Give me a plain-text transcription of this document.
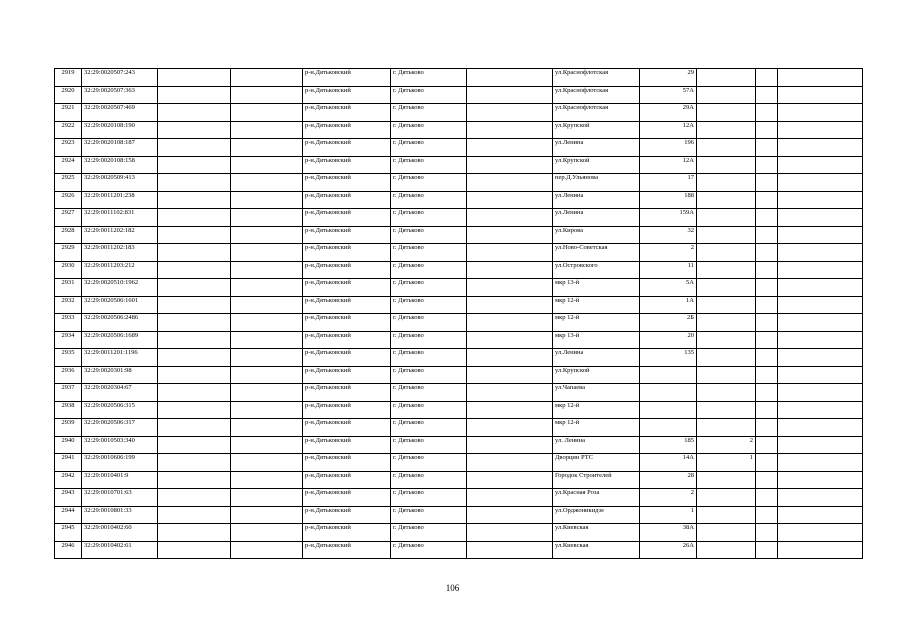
2919	32:29:0020507:243			р-н.Дятьковский	г. Дятьково		ул.Краснофлотская	29			
2920	32:29:0020507:363			р-н.Дятьковский	г. Дятьково		ул.Краснофлотская	57А			
2921	32:29:0020507:469			р-н.Дятьковский	г. Дятьково		ул.Краснофлотская	29А			
2922	32:29:0020108:190			р-н.Дятьковский	г. Дятьково		ул.Крупской	12А			
2923	32:29:0020108:187			р-н.Дятьковский	г. Дятьково		ул.Ленина	196			
2924	32:29:0020108:158			р-н.Дятьковский	г. Дятьково		ул.Крупской	12А			
2925	32:29:0020509:413			р-н.Дятьковский	г. Дятьково		пер.Д.Ульянова	17			
2926	32:29:0011201:238			р-н.Дятьковский	г. Дятьково		ул.Ленина	188			
2927	32:29:0011102:831			р-н.Дятьковский	г. Дятьково		ул.Ленина	159А			
2928	32:29:0011202:182			р-н.Дятьковский	г. Дятьково		ул.Кирова	32			
2929	32:29:0011202:183			р-н.Дятьковский	г. Дятьково		ул.Ново-Советская	2			
2930	32:29:0011203:212			р-н.Дятьковский	г. Дятьково		ул.Островского	11			
2931	32:29:0020510:1962			р-н.Дятьковский	г. Дятьково		мкр 13-й	5А			
2932	32:29:0020506:1601			р-н.Дятьковский	г. Дятьково		мкр 12-й	1А			
2933	32:29:0020506:2486			р-н.Дятьковский	г. Дятьково		мкр 12-й	2Б			
2934	32:29:0020506:1689			р-н.Дятьковский	г. Дятьково		мкр 13-й	20			
2935	32:29:0011201:1196			р-н.Дятьковский	г. Дятьково		ул.Ленина	135			
2936	32:29:0020301:98			р-н.Дятьковский	г. Дятьково		ул.Крупской				
2937	32:29:0020304:67			р-н.Дятьковский	г. Дятьково		ул.Чапаева				
2938	32:29:0020506:315			р-н.Дятьковский	г. Дятьково		мкр 12-й				
2939	32:29:0020506:317			р-н.Дятьковский	г. Дятьково		мкр 12-й				
2940	32:29:0010503:340			р-н.Дятьковский	г. Дятьково		ул. Ленина	185	2		
2941	32:29:0010606:199			р-н.Дятьковский	г. Дятьково		Дворцин РТС	14А	1		
2942	32:29:0010401:9			р-н.Дятьковский	г. Дятьково		Городок Строителей	28			
2943	32:29:0010701:63			р-н.Дятьковский	г. Дятьково		ул.Красная Роза	2			
2944	32:29:0010801:33			р-н.Дятьковский	г. Дятьково		ул.Орджоникидзе	1			
2945	32:29:0010402:60			р-н.Дятьковский	г. Дятьково		ул.Киевская	38А			
2946	32:29:0010402:61			р-н.Дятьковский	г. Дятьково		ул.Киевская	26А			
106
